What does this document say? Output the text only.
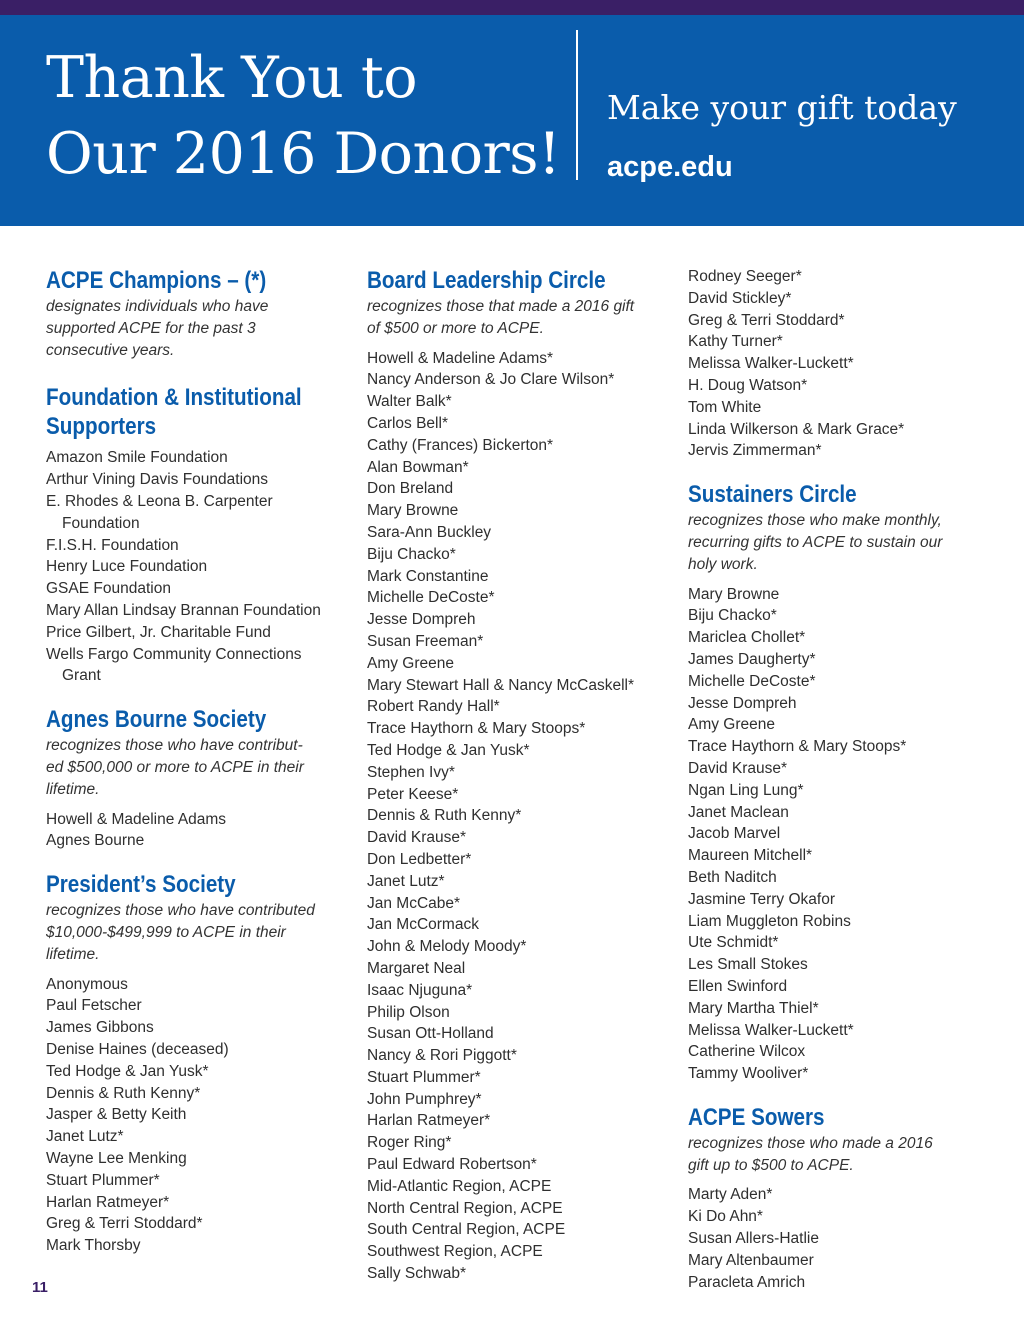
Thank You to
Our 2016 Donors!
Make your gift today
acpe.edu
ACPE Champions – (*)
designates individuals who have
supported ACPE for the past 3
consecutive years.
Foundation & Institutional
Supporters
Amazon Smile Foundation
Arthur Vining Davis Foundations
E. Rhodes & Leona B. Carpenter
Foundation
F.I.S.H. Foundation
Henry Luce Foundation
GSAE Foundation
Mary Allan Lindsay Brannan Foundation
Price Gilbert, Jr. Charitable Fund
Wells Fargo Community Connections
Grant
Agnes Bourne Society
recognizes those who have contribut-
ed $500,000 or more to ACPE in their
lifetime.
Howell & Madeline Adams
Agnes Bourne
President’s Society
recognizes those who have contributed
$10,000-$499,999 to ACPE in their
lifetime.
Anonymous
Paul Fetscher
James Gibbons
Denise Haines (deceased)
Ted Hodge & Jan Yusk*
Dennis & Ruth Kenny*
Jasper & Betty Keith
Janet Lutz*
Wayne Lee Menking
Stuart Plummer*
Harlan Ratmeyer*
Greg & Terri Stoddard*
Mark Thorsby
Board Leadership Circle
recognizes those that made a 2016 gift
of $500 or more to ACPE.
Howell & Madeline Adams*
Nancy Anderson & Jo Clare Wilson*
Walter Balk*
Carlos Bell*
Cathy (Frances) Bickerton*
Alan Bowman*
Don Breland
Mary Browne
Sara-Ann Buckley
Biju Chacko*
Mark Constantine
Michelle DeCoste*
Jesse Dompreh
Susan Freeman*
Amy Greene
Mary Stewart Hall & Nancy McCaskell*
Robert Randy Hall*
Trace Haythorn & Mary Stoops*
Ted Hodge & Jan Yusk*
Stephen Ivy*
Peter Keese*
Dennis & Ruth Kenny*
David Krause*
Don Ledbetter*
Janet Lutz*
Jan McCabe*
Jan McCormack
John & Melody Moody*
Margaret Neal
Isaac Njuguna*
Philip Olson
Susan Ott-Holland
Nancy & Rori Piggott*
Stuart Plummer*
John Pumphrey*
Harlan Ratmeyer*
Roger Ring*
Paul Edward Robertson*
Mid-Atlantic Region, ACPE
North Central Region, ACPE
South Central Region, ACPE
Southwest Region, ACPE
Sally Schwab*
Rodney Seeger*
David Stickley*
Greg & Terri Stoddard*
Kathy Turner*
Melissa Walker-Luckett*
H. Doug Watson*
Tom White
Linda Wilkerson & Mark Grace*
Jervis Zimmerman*
Sustainers Circle
recognizes those who make monthly,
recurring gifts to ACPE to sustain our
holy work.
Mary Browne
Biju Chacko*
Mariclea Chollet*
James Daugherty*
Michelle DeCoste*
Jesse Dompreh
Amy Greene
Trace Haythorn & Mary Stoops*
David Krause*
Ngan Ling Lung*
Janet Maclean
Jacob Marvel
Maureen Mitchell*
Beth Naditch
Jasmine Terry Okafor
Liam Muggleton Robins
Ute Schmidt*
Les Small Stokes
Ellen Swinford
Mary Martha Thiel*
Melissa Walker-Luckett*
Catherine Wilcox
Tammy Wooliver*
ACPE Sowers
recognizes those who made a 2016
gift up to $500 to ACPE.
Marty Aden*
Ki Do Ahn*
Susan Allers-Hatlie
Mary Altenbaumer
Paracleta Amrich
11
